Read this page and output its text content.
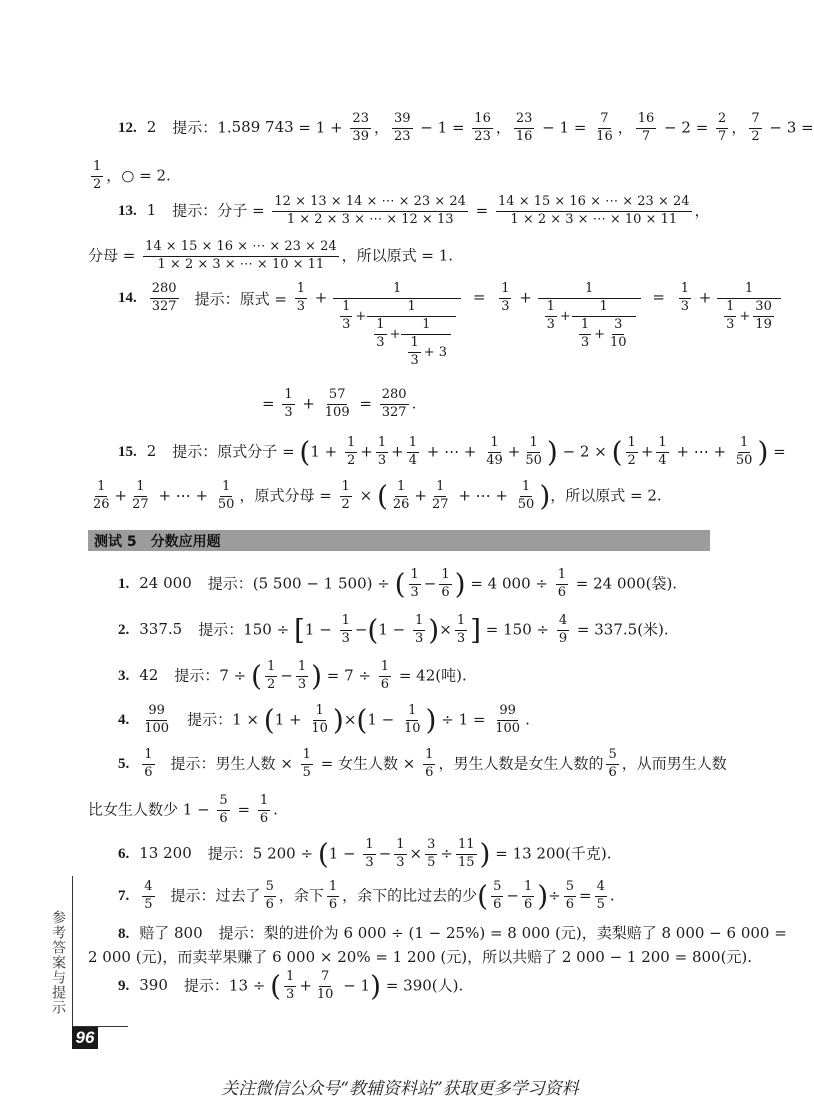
12. 2 提示：1.589 $743 = 1 + \frac{23}{39}$ ， $\frac{39}{23} - 1 = \frac{16}{23}$ ， $\frac{23}{16} - 1 = \frac{7}{16}$ ， $\frac{16}{7} - 2 = \frac{2}{7}$ ， $\frac{7}{2} - 3$ =
$\frac{1}{2}$ ，○ = 2.
13. 1 提示：分子 = $\frac{12 \times 13 \times 14 \times \cdots \times 23 \times 24}{1 \times 2 \times 3 \times \cdots \times 12 \times 13} = \frac{14 \times 15 \times 16 \times \cdots \times 23 \times 24}{1 \times 2 \times 3 \times \cdots \times 10 \times 11}$ ，
分母 = $\frac{14 \times 15 \times 16 \times \cdots \times 23 \times 24}{1 \times 2 \times 3 \times \cdots \times 10 \times 11}$ ，所以原式 = 1.
14. $\frac{280}{327}$ 提示：原式 = $\frac{1}{3} + \frac{1}{\frac{1}{3} + \frac{1}{\frac{1}{3} + \frac{1}{\frac{1}{3} + 3}}} = \frac{1}{3} + \frac{1}{\frac{1}{3} + \frac{1}{\frac{1}{3} + \frac{3}{10}}} = \frac{1}{3} + \frac{1}{\frac{1}{3} + \frac{30}{19}}$
= $\frac{1}{3} + \frac{57}{109} = \frac{280}{327}$ .
15. 2 提示：原式分子 = ($1 + \frac{1}{2} + \frac{1}{3} + \frac{1}{4}$ + ⋯ + $\frac{1}{49} + \frac{1}{50}$ ) − 2 × ( $\frac{1}{2} + \frac{1}{4}$ + ⋯ + $\frac{1}{50}$ ) =
$\frac{1}{26} + \frac{1}{27}$ + ⋯ + $\frac{1}{50}$ ，原式分母 = $\frac{1}{2}$ × ( $\frac{1}{26} + \frac{1}{27}$ + ⋯ + $\frac{1}{50}$ )，所以原式 = 2.
测试 5　分数应用题
1. 24 000 提示：(5 500 − 1 500) ÷ ( $\frac{1}{3} - \frac{1}{6}$ ) = 4 $000 \div \frac{1}{6} = 24$ 000(袋).
2. 337.5 提示：$150 \div [1 - \frac{1}{3} -(1 - \frac{1}{3}$ )× $\frac{1}{3}$ ] = $150 \div \frac{4}{9} = 337.5$(米).
3. 42 提示：7 ÷ ( $\frac{1}{2} - \frac{1}{3}$ ) = $7 \div \frac{1}{6} = 42$(吨).
4. $\frac{99}{100}$ 提示：$1 \times (1 + \frac{1}{10} )\times(1 - \frac{1}{10}$ ) ÷ $1 = \frac{99}{100}$ .
5. $\frac{1}{6}$ 提示：男生人数 × $\frac{1}{5}$ = 女生人数 × $\frac{1}{6}$ ，男生人数是女生人数的 $\frac{5}{6}$ ，从而男生人数
比女生人数少 $1 - \frac{5}{6} = \frac{1}{6}$ .
6. 13 200 提示：5 $200 \div (1 - \frac{1}{3} - \frac{1}{3} \times \frac{3}{5} \div \frac{11}{15}$ ) = 13 200(千克).
7. $\frac{4}{5}$ 提示：过去了 $\frac{5}{6}$ ，余下 $\frac{1}{6}$ ，余下的比过去的少( $\frac{5}{6} - \frac{1}{6}$ )÷ $\frac{5}{6} = \frac{4}{5}$ .
8. 赔了 800 提示：梨的进价为 6 000 ÷ (1 − 25%) = 8 000 (元)，卖梨赔了 8 000 − 6 000 =
2 000 (元)，而卖苹果赚了 6 000 × 20% = 1 200 (元)，所以共赔了 2 000 − 1 200 = 800(元).
9. 390 提示：13 ÷ ( $\frac{1}{3} + \frac{7}{10} - 1) = 390$(人).
参考答案与提示
96
关注微信公众号“教辅资料站”获取更多学习资料
